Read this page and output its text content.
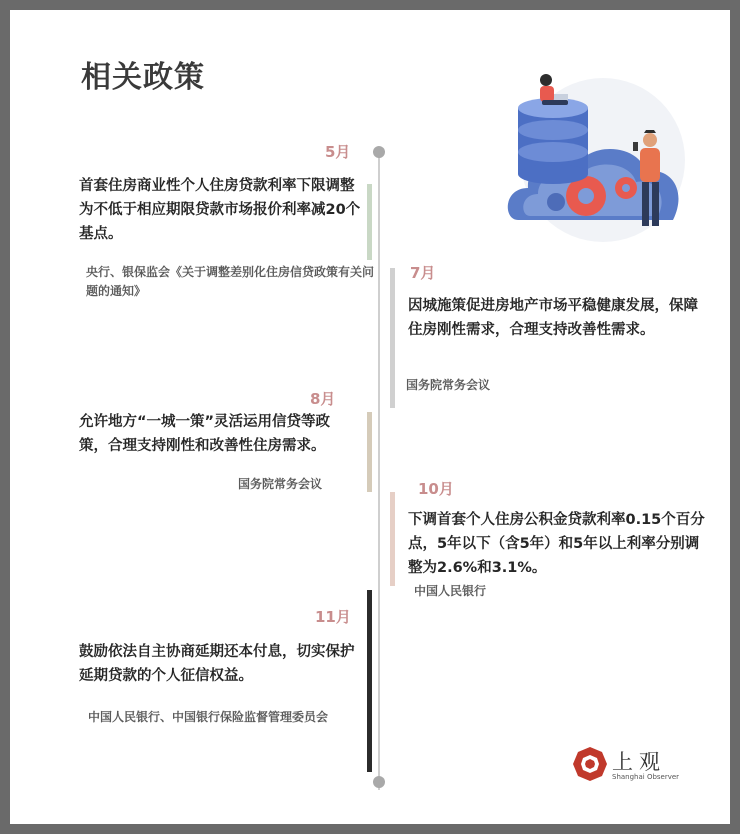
相关政策
5月
首套住房商业性个人住房贷款利率下限调整为不低于相应期限贷款市场报价利率减20个基点。
央行、银保监会《关于调整差别化住房信贷政策有关问题的通知》
7月
因城施策促进房地产市场平稳健康发展，保障住房刚性需求，合理支持改善性需求。
国务院常务会议
8月
允许地方“一城一策”灵活运用信贷等政策，合理支持刚性和改善性住房需求。
国务院常务会议	10月
下调首套个人住房公积金贷款利率0.15个百分点，5年以下（含5年）和5年以上利率分别调整为2.6%和3.1%。
中国人民银行
11月
鼓励依法自主协商延期还本付息，切实保护延期贷款的个人征信权益。
中国人民银行、中国银行保险监督管理委员会
上观
Shanghai Observer
